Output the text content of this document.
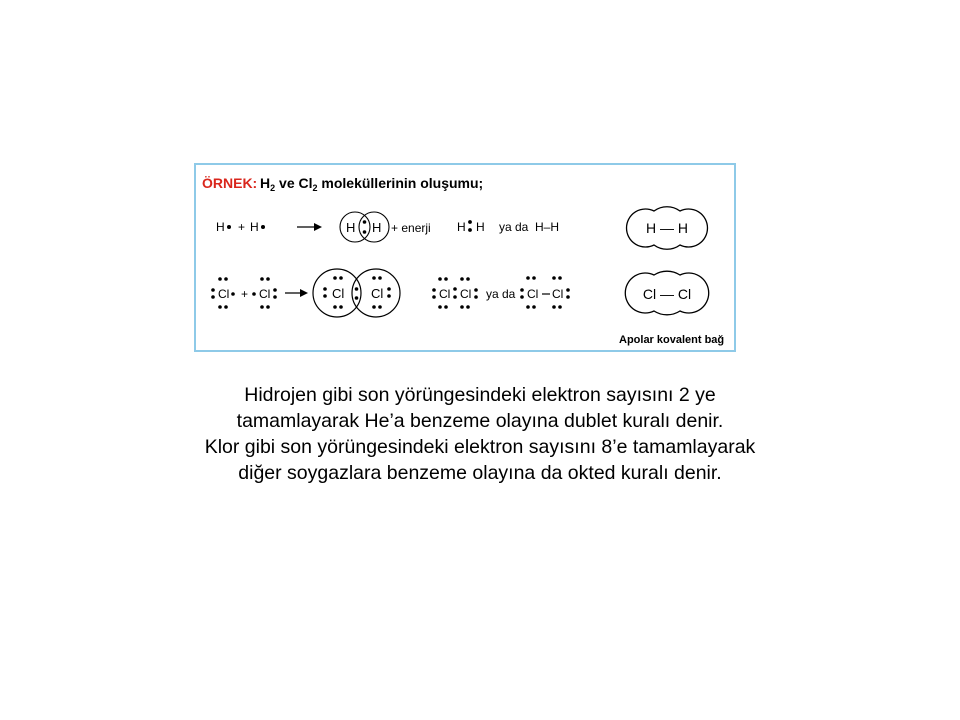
ÖRNEK: $H_2$ ve $Cl_2$ moleküllerinin oluşumu;
H + H	H H + enerji H H ya da H–H	H — H
Cl + Cl	Cl Cl	Cl Cl ya da Cl Cl	Cl — Cl
Apolar kovalent bağ
Hidrojen gibi son yörüngesindeki elektron sayısını 2 ye
tamamlayarak He’a benzeme olayına dublet kuralı denir.
Klor gibi son yörüngesindeki elektron sayısını 8’e tamamlayarak
diğer soygazlara benzeme olayına da okted kuralı denir.
